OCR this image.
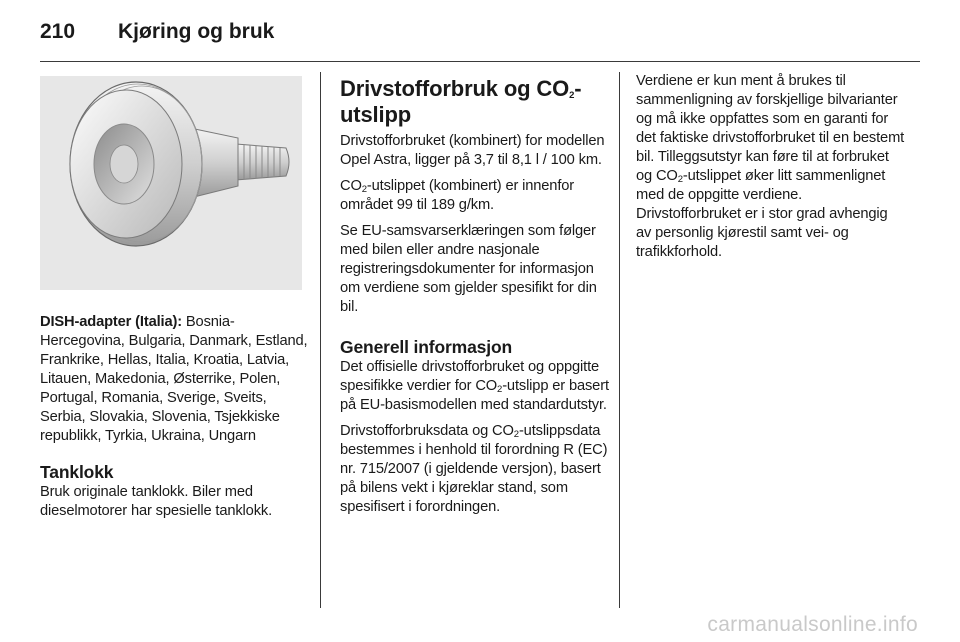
210 Kjøring og bruk

DISH-adapter (Italia): Bosnia-Hercegovina, Bulgaria, Danmark, Estland, Frankrike, Hellas, Italia, Kroatia, Latvia, Litauen, Makedonia, Østerrike, Polen, Portugal, Romania, Sverige, Sveits, Serbia, Slovakia, Slovenia, Tsjekkiske republikk, Tyrkia, Ukraina, Ungarn

Tanklokk

Bruk originale tanklokk. Biler med dieselmotorer har spesielle tanklokk.

Drivstofforbruk og $CO_2$-utslipp

Drivstofforbruket (kombinert) for modellen Opel Astra, ligger på 3,7 til 8,1 l / 100 km.

$CO_2$-utslippet (kombinert) er innenfor området 99 til 189 g/km.

Se EU-samsvarserklæringen som følger med bilen eller andre nasjonale registreringsdokumenter for informasjon om verdiene som gjelder spesifikt for din bil.

Generell informasjon

Det offisielle drivstofforbruket og oppgitte spesifikke verdier for $CO_2$-utslipp er basert på EU-basismodellen med standardutstyr.

Drivstofforbruksdata og $CO_2$-utslippsdata bestemmes i henhold til forordning R (EC) nr. 715/2007 (i gjeldende versjon), basert på bilens vekt i kjøreklar stand, som spesifisert i forordningen.

Verdiene er kun ment å brukes til sammenligning av forskjellige bilvarianter og må ikke oppfattes som en garanti for det faktiske drivstofforbruket til en bestemt bil. Tilleggsutstyr kan føre til at forbruket og $CO_2$-utslippet øker litt sammenlignet med de oppgitte verdiene. Drivstofforbruket er i stor grad avhengig av personlig kjørestil samt vei- og trafikkforhold.

carmanualsonline.info
